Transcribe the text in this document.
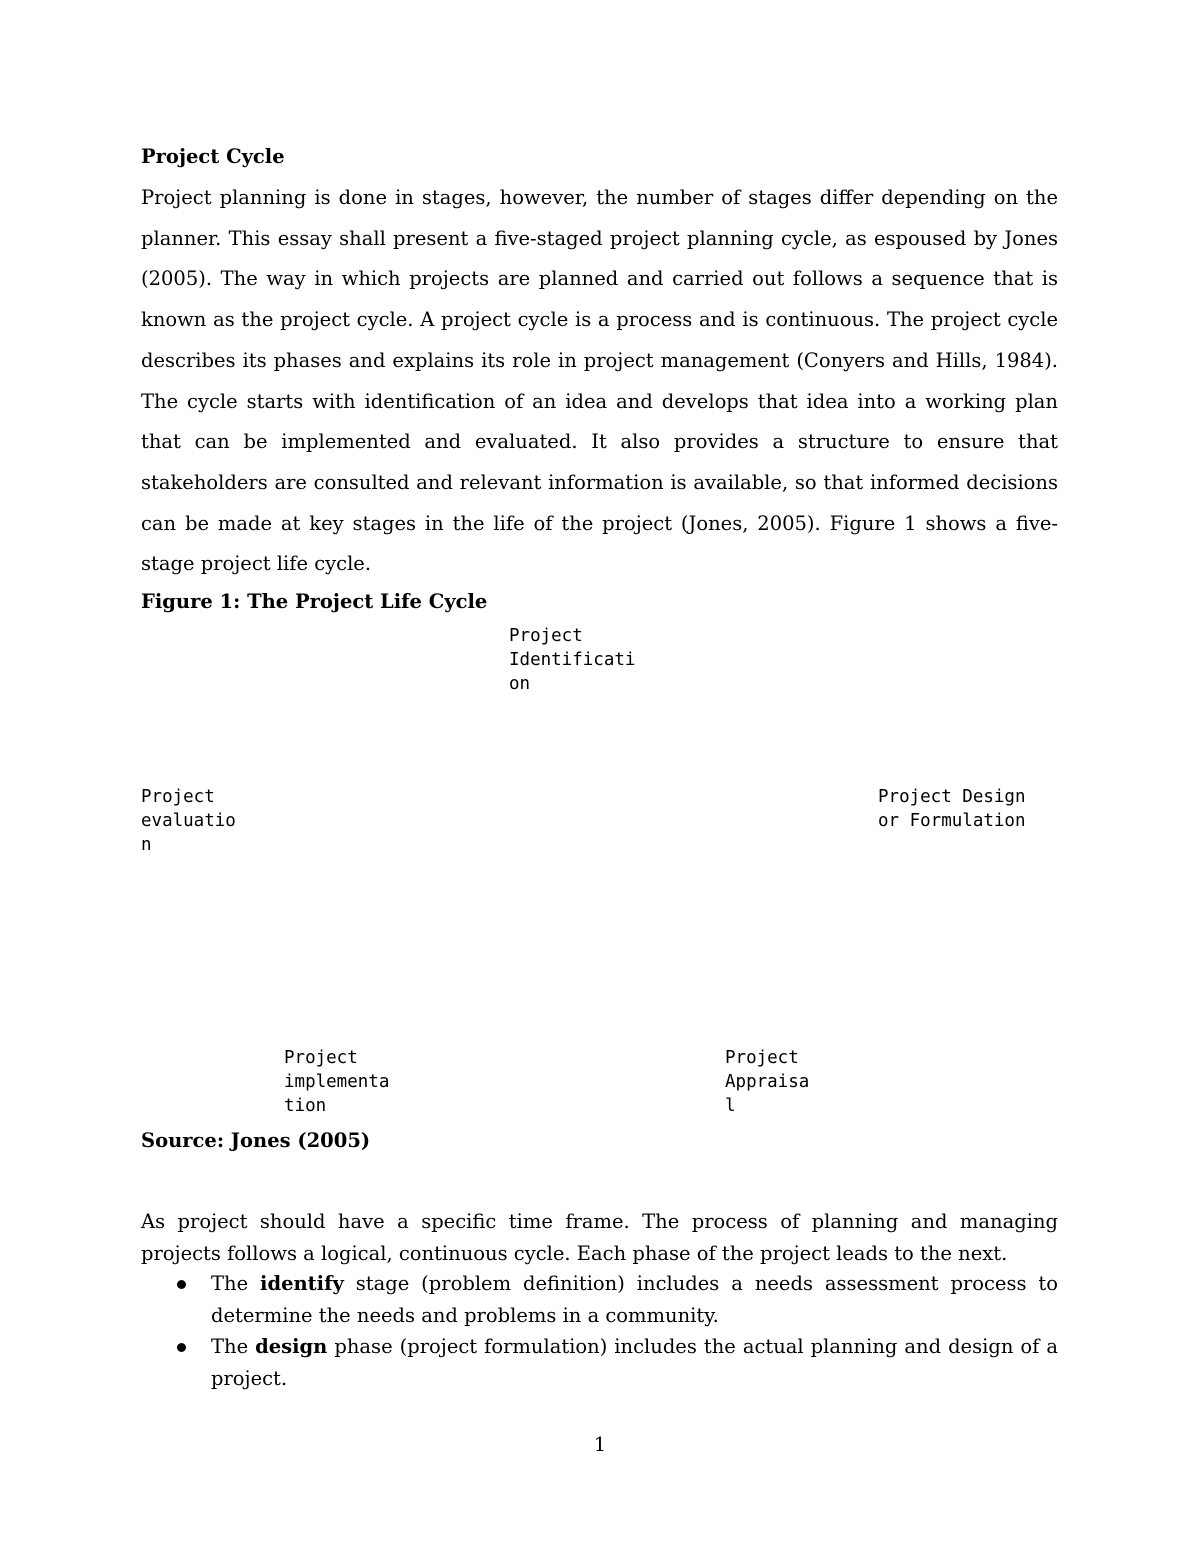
Project Cycle

Project planning is done in stages, however, the number of stages differ depending on the planner. This essay shall present a five-staged project planning cycle, as espoused by Jones (2005). The way in which projects are planned and carried out follows a sequence that is known as the project cycle. A project cycle is a process and is continuous. The project cycle describes its phases and explains its role in project management (Conyers and Hills, 1984). The cycle starts with identification of an idea and develops that idea into a working plan that can be implemented and evaluated. It also provides a structure to ensure that stakeholders are consulted and relevant information is available, so that informed decisions can be made at key stages in the life of the project (Jones, 2005). Figure 1 shows a five-stage project life cycle.

Figure 1: The Project Life Cycle
Project
Identificati
on
Project
evaluatio
n
Project Design
or Formulation
Project
implementa
tion
Project
Appraisa
l

Source: Jones (2005)

As project should have a specific time frame. The process of planning and managing projects follows a logical, continuous cycle. Each phase of the project leads to the next.

The identify stage (problem definition) includes a needs assessment process to determine the needs and problems in a community.
The design phase (project formulation) includes the actual planning and design of a project.
1
